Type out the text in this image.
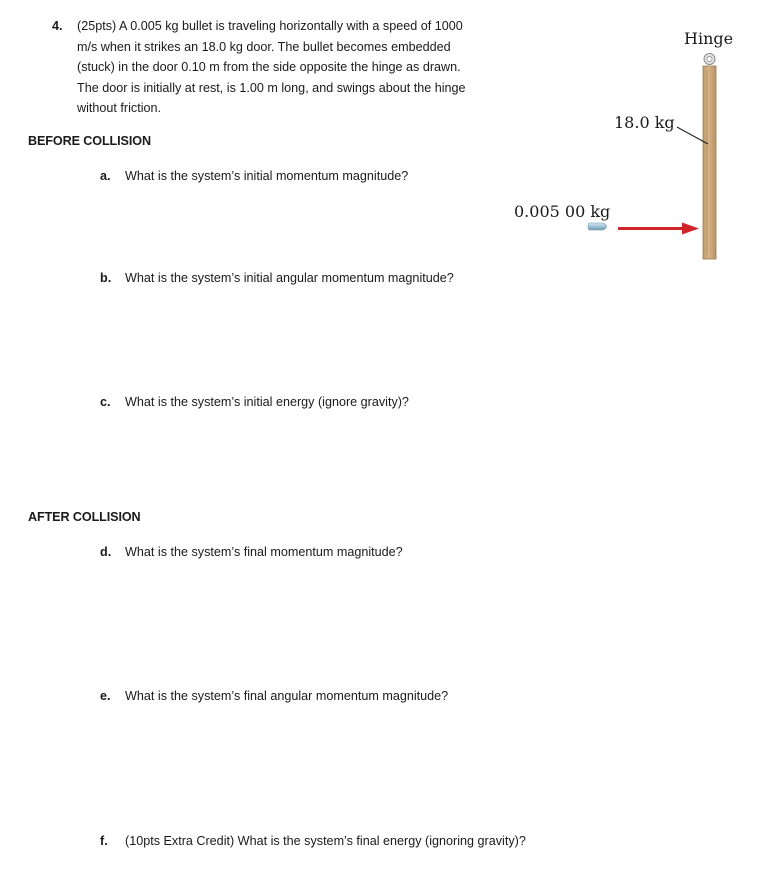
4. (25pts) A 0.005 kg bullet is traveling horizontally with a speed of 1000 m/s when it strikes an 18.0 kg door. The bullet becomes embedded (stuck) in the door 0.10 m from the side opposite the hinge as drawn. The door is initially at rest, is 1.00 m long, and swings about the hinge without friction.
Hinge
18.0 kg
0.005 00 kg
BEFORE COLLISION
a. What is the system’s initial momentum magnitude?
b. What is the system’s initial angular momentum magnitude?
c. What is the system’s initial energy (ignore gravity)?
AFTER COLLISION
d. What is the system’s final momentum magnitude?
e. What is the system’s final angular momentum magnitude?
f. (10pts Extra Credit) What is the system’s final energy (ignoring gravity)?
